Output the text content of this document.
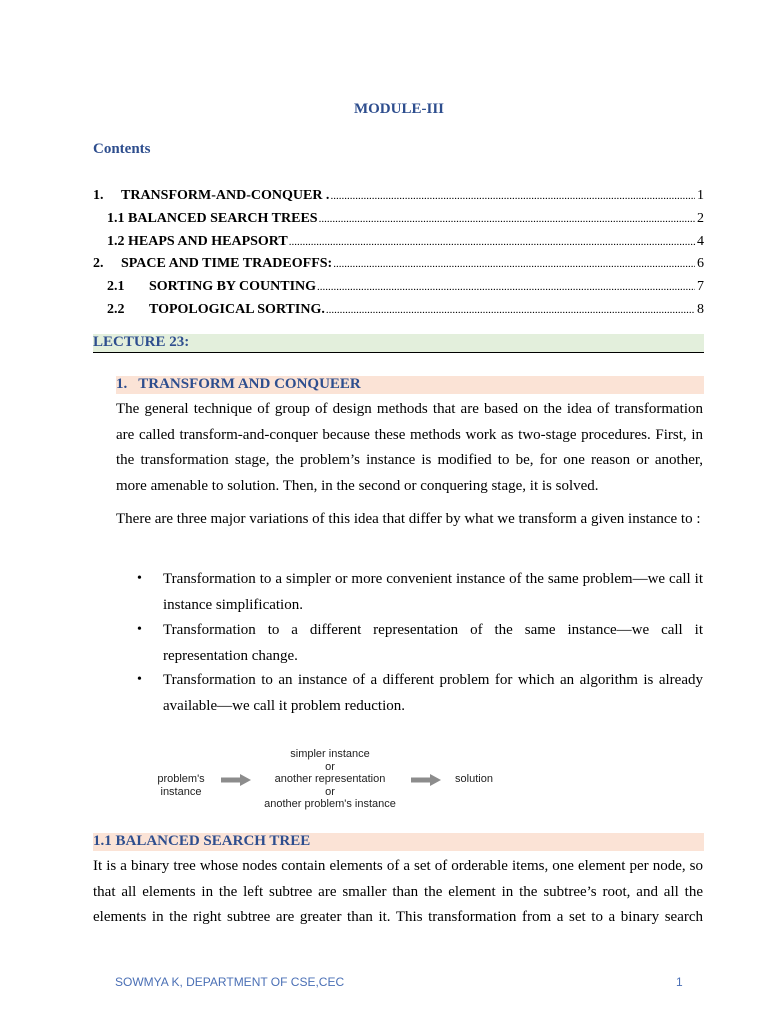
MODULE-III
Contents
1.	TRANSFORM-AND-CONQUER . .....	1
1.1 BALANCED SEARCH TREES .....	2
1.2 HEAPS AND HEAPSORT .....	4
2.	SPACE AND TIME TRADEOFFS: .....	6
2.1	SORTING BY COUNTING .....	7
2.2	TOPOLOGICAL SORTING. .....	8
LECTURE 23:
1.   TRANSFORM AND CONQUEER
The general technique of group of design methods that are based on the idea of transformation are called transform-and-conquer because these methods work as two-stage procedures. First, in the transformation stage, the problem’s instance is modified to be, for one reason or another, more amenable to solution. Then, in the second or conquering stage, it is solved.
There are three major variations of this idea that differ by what we transform a given instance to :
• Transformation to a simpler or more convenient instance of the same problem—we call it instance simplification.
• Transformation to a different representation of the same instance—we call it representation change.
• Transformation to an instance of a different problem for which an algorithm is already available—we call it problem reduction.
problem's
instance
simpler instance
or
another representation
or
another problem's instance
solution
1.1 BALANCED SEARCH TREE
It is a binary tree whose nodes contain elements of a set of orderable items, one element per node, so that all elements in the left subtree are smaller than the element in the subtree’s root, and all the elements in the right subtree are greater than it. This transformation from a set to a binary search
SOWMYA K, DEPARTMENT OF CSE,CEC	1
